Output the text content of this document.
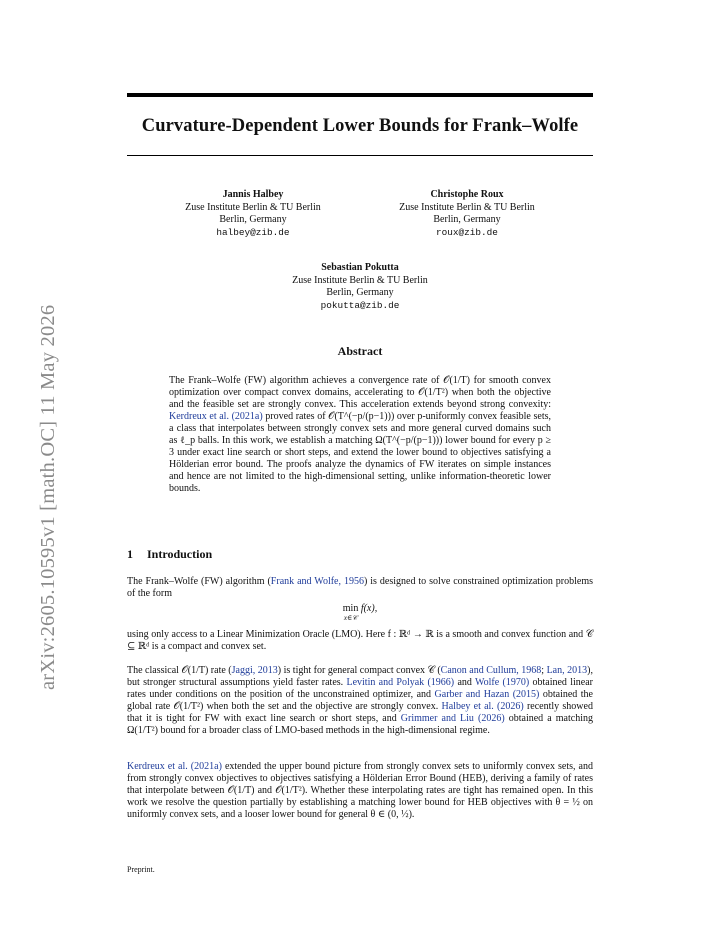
arXiv:2605.10595v1 [math.OC] 11 May 2026
Curvature-Dependent Lower Bounds for Frank–Wolfe
Jannis Halbey
Zuse Institute Berlin & TU Berlin
Berlin, Germany
halbey@zib.de
Christophe Roux
Zuse Institute Berlin & TU Berlin
Berlin, Germany
roux@zib.de
Sebastian Pokutta
Zuse Institute Berlin & TU Berlin
Berlin, Germany
pokutta@zib.de
Abstract
The Frank–Wolfe (FW) algorithm achieves a convergence rate of 𝒪(1/T) for smooth convex optimization over compact convex domains, accelerating to 𝒪(1/T²) when both the objective and the feasible set are strongly convex. This acceleration extends beyond strong convexity: Kerdreux et al. (2021a) proved rates of 𝒪(T^(−p/(p−1))) over p-uniformly convex feasible sets, a class that interpolates between strongly convex sets and more general curved domains such as ℓ_p balls. In this work, we establish a matching Ω(T^(−p/(p−1))) lower bound for every p ≥ 3 under exact line search or short steps, and extend the lower bound to objectives satisfying a Hölderian error bound. The proofs analyze the dynamics of FW iterates on simple instances and hence are not limited to the high-dimensional setting, unlike information-theoretic lower bounds.
1 Introduction
The Frank–Wolfe (FW) algorithm (Frank and Wolfe, 1956) is designed to solve constrained optimization problems of the form
min
x∈𝒞
f(x),
using only access to a Linear Minimization Oracle (LMO). Here f : ℝᵈ → ℝ is a smooth and convex function and 𝒞 ⊆ ℝᵈ is a compact and convex set.
The classical 𝒪(1/T) rate (Jaggi, 2013) is tight for general compact convex 𝒞 (Canon and Cullum, 1968; Lan, 2013), but stronger structural assumptions yield faster rates. Levitin and Polyak (1966) and Wolfe (1970) obtained linear rates under conditions on the position of the unconstrained optimizer, and Garber and Hazan (2015) obtained the global rate 𝒪(1/T²) when both the set and the objective are strongly convex. Halbey et al. (2026) recently showed that it is tight for FW with exact line search or short steps, and Grimmer and Liu (2026) obtained a matching Ω(1/T²) bound for a broader class of LMO-based methods in the high-dimensional regime.
Kerdreux et al. (2021a) extended the upper bound picture from strongly convex sets to uniformly convex sets, and from strongly convex objectives to objectives satisfying a Hölderian Error Bound (HEB), deriving a family of rates that interpolate between 𝒪(1/T) and 𝒪(1/T²). Whether these interpolating rates are tight has remained open. In this work we resolve the question partially by establishing a matching lower bound for HEB objectives with θ = ½ on uniformly convex sets, and a looser lower bound for general θ ∈ (0, ½).
Preprint.
